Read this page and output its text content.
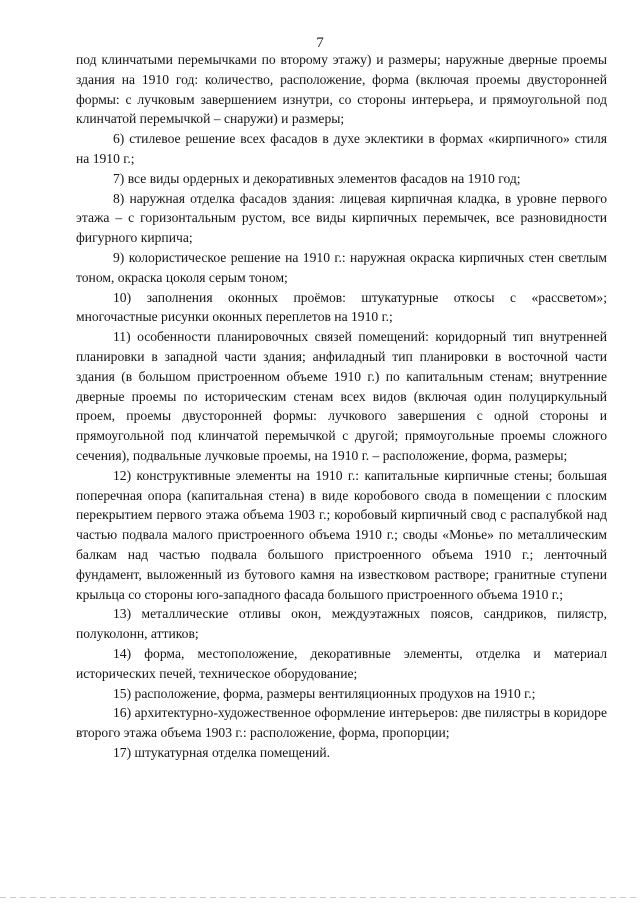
7

под клинчатыми перемычками по второму этажу) и размеры; наружные дверные проемы здания на 1910 год: количество, расположение, форма (включая проемы двусторонней формы: с лучковым завершением изнутри, со стороны интерьера, и прямоугольной под клинчатой перемычкой – снаружи) и размеры;

6) стилевое решение всех фасадов в духе эклектики в формах «кирпичного» стиля на 1910 г.;

7) все виды ордерных и декоративных элементов фасадов на 1910 год;

8) наружная отделка фасадов здания: лицевая кирпичная кладка, в уровне первого этажа – с горизонтальным рустом, все виды кирпичных перемычек, все разновидности фигурного кирпича;

9) колористическое решение на 1910 г.: наружная окраска кирпичных стен светлым тоном, окраска цоколя серым тоном;

10) заполнения оконных проёмов: штукатурные откосы с «рассветом»; многочастные рисунки оконных переплетов на 1910 г.;

11) особенности планировочных связей помещений: коридорный тип внутренней планировки в западной части здания; анфиладный тип планировки в восточной части здания (в большом пристроенном объеме 1910 г.) по капитальным стенам; внутренние дверные проемы по историческим стенам всех видов (включая один полуциркульный проем, проемы двусторонней формы: лучкового завершения с одной стороны и прямоугольной под клинчатой перемычкой с другой; прямоугольные проемы сложного сечения), подвальные лучковые проемы, на 1910 г. – расположение, форма, размеры;

12) конструктивные элементы на 1910 г.: капитальные кирпичные стены; большая поперечная опора (капитальная стена) в виде коробового свода в помещении с плоским перекрытием первого этажа объема 1903 г.; коробовый кирпичный свод с распалубкой над частью подвала малого пристроенного объема 1910 г.; своды «Монье» по металлическим балкам над частью подвала большого пристроенного объема 1910 г.; ленточный фундамент, выложенный из бутового камня на известковом растворе; гранитные ступени крыльца со стороны юго-западного фасада большого пристроенного объема 1910 г.;

13) металлические отливы окон, междуэтажных поясов, сандриков, пилястр, полуколонн, аттиков;

14) форма, местоположение, декоративные элементы, отделка и материал исторических печей, техническое оборудование;

15) расположение, форма, размеры вентиляционных продухов на 1910 г.;

16) архитектурно-художественное оформление интерьеров: две пилястры в коридоре второго этажа объема 1903 г.: расположение, форма, пропорции;

17) штукатурная отделка помещений.
